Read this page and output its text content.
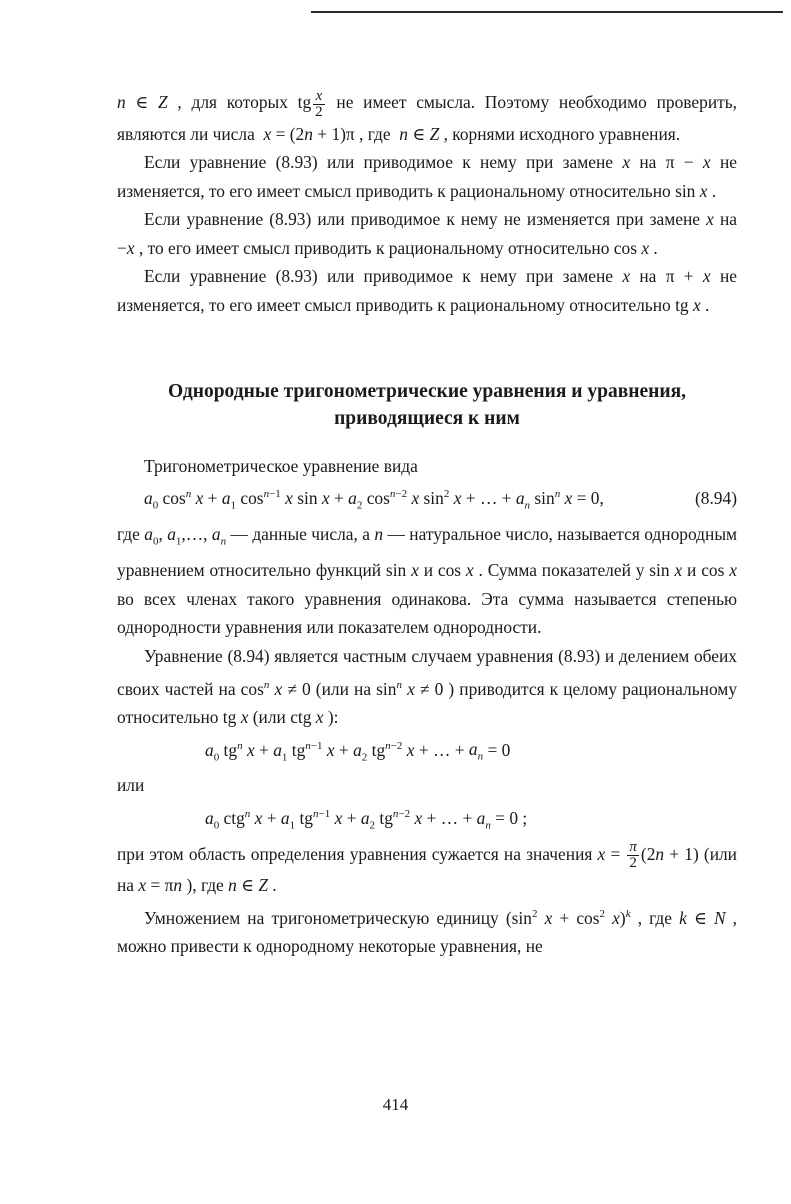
n ∈ Z , для которых tg $\frac{x}{2}$ не имеет смысла. Поэтому необходимо проверить, являются ли числа  x = (2n + 1)π , где  n ∈ Z , корнями исходного уравнения.

Если уравнение (8.93) или приводимое к нему при замене x на π − x не изменяется, то его имеет смысл приводить к рациональному относительно sin x .

Если уравнение (8.93) или приводимое к нему не изменяется при замене x на −x , то его имеет смысл приводить к рациональному относительно cos x .

Если уравнение (8.93) или приводимое к нему при замене x на π + x не изменяется, то его имеет смысл приводить к рациональному относительно tg x .

Однородные тригонометрические уравнения и уравнения,
приводящиеся к ним

Тригонометрическое уравнение вида

$a_0$ $\cos^n x + a_1$ $\cos^{n-1} x$ $\sin x + a_2$ $\cos^{n-2} x$ $\sin^2 x$ + … + $a_n$ $\sin^n x = 0$,	(8.94)

где $a_0$, $a_1,\dots$, $a_n$ — данные числа, а n — натуральное число, называется однородным уравнением относительно функций sin x и cos x . Сумма показателей у sin x и cos x во всех членах такого уравнения одинакова. Эта сумма называется степенью однородности уравнения или показателем однородности.

Уравнение (8.94) является частным случаем уравнения (8.93) и делением обеих своих частей на $\cos^n x \ne 0$ (или на $\sin^n x \ne 0$ ) приводится к целому рациональному относительно tg x (или ctg x ):

$a_0$ $tg^n$ $x + a_1$ $tg^{n-1}$ $x + a_2$ $tg^{n-2}$ x + … + $a_n = 0$
или
$a_0$ ctg$^n$ $x + a_1$ $tg^{n-1}$ $x + a_2$ $tg^{n-2}$ x + … + $a_n = 0$ ;

при этом область определения уравнения сужается на значения $x = \frac{\pi}{2} (2n + 1)$ (или на x = πn ), где n ∈ Z .

Умножением на тригонометрическую единицу ($\sin^2$ $x + \cos^2 x)^k$ , где k ∈ N , можно привести к однородному некоторые уравнения, не

414
